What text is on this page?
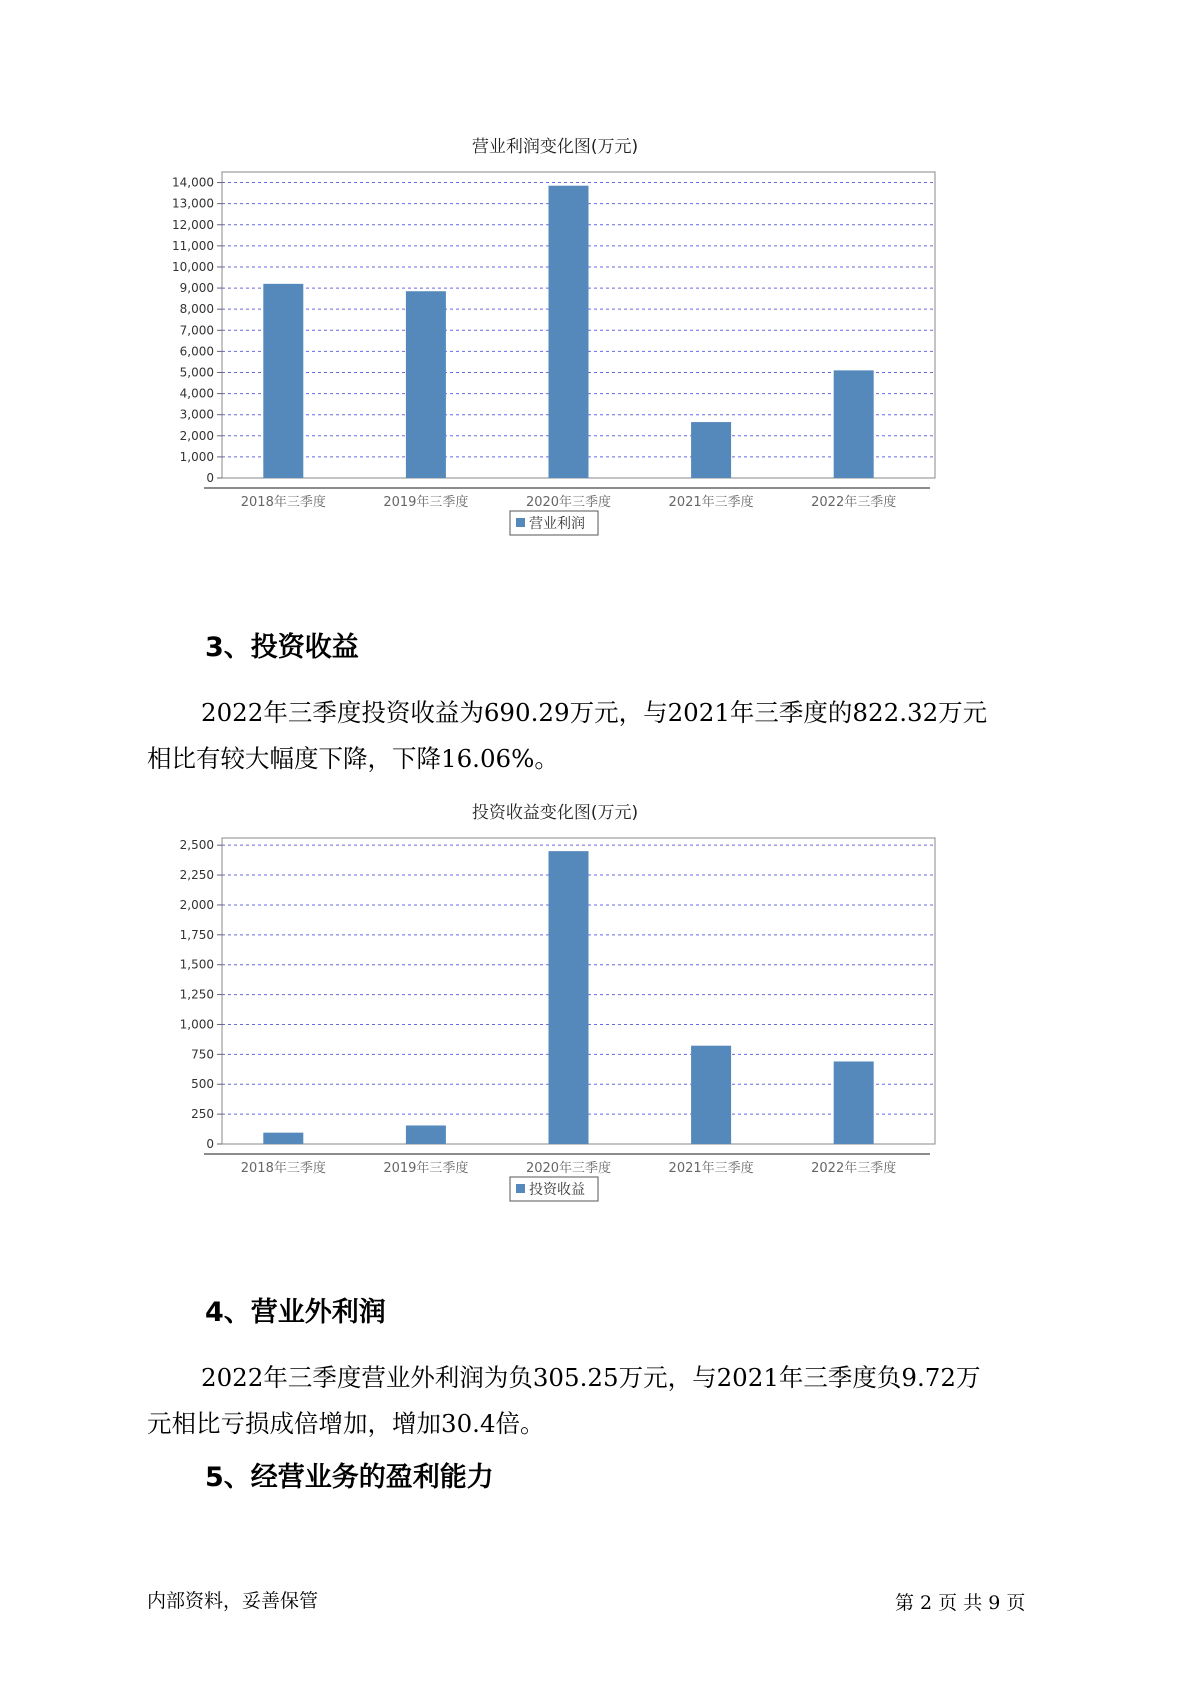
营业利润变化图(万元)
0
1,000
2,000
3,000
4,000
5,000
6,000
7,000
8,000
9,000
10,000
11,000
12,000
13,000
14,000
2018年三季度	2019年三季度	2020年三季度	2021年三季度	2022年三季度
营业利润
3、投资收益

2022年三季度投资收益为690.29万元，与2021年三季度的822.32万元
相比有较大幅度下降，下降16.06%。

投资收益变化图(万元)
0
250
500
750
1,000
1,250
1,500
1,750
2,000
2,250
2,500
2018年三季度	2019年三季度	2020年三季度	2021年三季度	2022年三季度
投资收益
4、营业外利润

2022年三季度营业外利润为负305.25万元，与2021年三季度负9.72万
元相比亏损成倍增加，增加30.4倍。

5、经营业务的盈利能力
内部资料，妥善保管	第 2 页 共 9 页
